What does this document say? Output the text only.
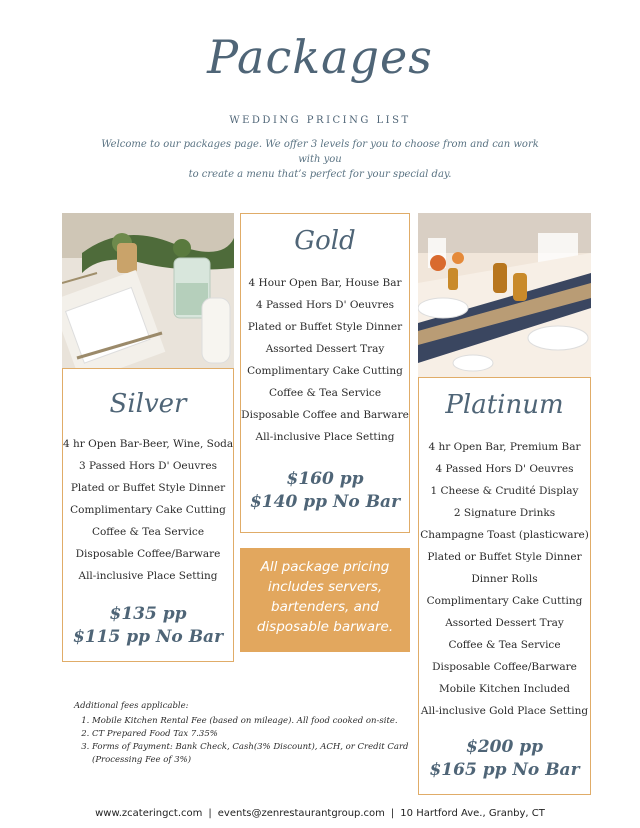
Packages
WEDDING PRICING LIST
Welcome to our packages page. We offer 3 levels for you to choose from and can work with you
to create a menu that’s perfect for your special day.
Silver
4 hr Open Bar-Beer, Wine, Soda
3 Passed Hors D' Oeuvres
Plated or Buffet Style Dinner
Complimentary Cake Cutting
Coffee & Tea Service
Disposable Coffee/Barware
All-inclusive Place Setting
$135 pp
$115 pp No Bar
Gold
4 Hour Open Bar, House Bar
4 Passed Hors D' Oeuvres
Plated or Buffet Style Dinner
Assorted Dessert Tray
Complimentary Cake Cutting
Coffee & Tea Service
Disposable Coffee and Barware
All-inclusive Place Setting
$160 pp
$140 pp No Bar
All package pricing
includes servers,
bartenders, and
disposable barware.
Platinum
4 hr Open Bar, Premium Bar
4 Passed Hors D' Oeuvres
1 Cheese & Crudité Display
2 Signature Drinks
Champagne Toast (plasticware)
Plated or Buffet Style Dinner
Dinner Rolls
Complimentary Cake Cutting
Assorted Dessert Tray
Coffee & Tea Service
Disposable Coffee/Barware
Mobile Kitchen Included
All-inclusive Gold Place Setting
$200 pp
$165 pp No Bar
Additional fees applicable:
1. Mobile Kitchen Rental Fee (based on mileage). All food cooked on-site.
2. CT Prepared Food Tax 7.35%
3. Forms of Payment: Bank Check, Cash(3% Discount), ACH, or Credit Card
(Processing Fee of 3%)
www.zcateringct.com | events@zenrestaurantgroup.com | 10 Hartford Ave., Granby, CT
